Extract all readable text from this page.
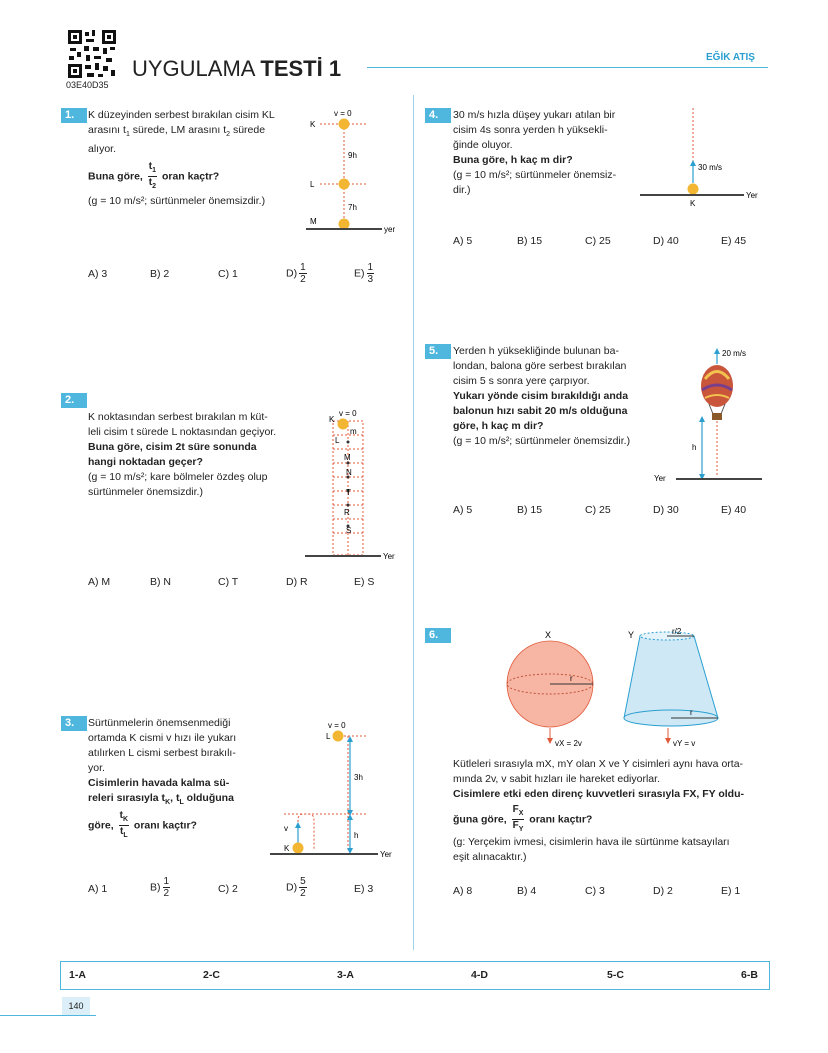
03E40D35
UYGULAMA TESTİ 1	EĞİK ATIŞ
1.	K düzeyinden serbest bırakılan cisim KL
arasını $t_1$ sürede, LM arasını $t_2$ sürede
alıyor.
Buna göre, $\frac{t_1}{t_2}$ oran kaçtr?
(g = 10 m/s²; sürtünmeler önemsizdir.)
v = 0
K
L
M
9h
7h
yer
A) 3	B) 2	C) 1	$D) \frac{1}{2}$	$E) \frac{1}{3}$
2.
K noktasından serbest bırakılan m küt-
leli cisim t sürede L noktasından geçiyor.
Buna göre, cisim 2t süre sonunda
hangi noktadan geçer?
(g = 10 m/s²; kare bölmeler özdeş olup
sürtünmeler önemsizdir.)
v = 0
K
m
L
M
N
T
R
S
Yer
A) M	B) N	C) T	D) R	E) S
3.	Sürtünmelerin önemsenmediği
ortamda K cismi v hızı ile yukarı
atılırken L cismi serbest bırakılı-
yor.
Cisimlerin havada kalma sü-
releri sırasıyla $t_K$, $t_L$ olduğuna
göre, $\frac{t_K}{t_L}$ oranı kaçtır?
v = 0
L
3h
h
v
K
Yer
A) 1	$B) \frac{1}{2}$	C) 2	$D) \frac{5}{2}$	E) 3
4.	30 m/s hızla düşey yukarı atılan bir
cisim 4s sonra yerden h yüksekli-
ğinde oluyor.
Buna göre, h kaç m dir?
(g = 10 m/s²; sürtünmeler önemsiz-
dir.)
30 m/s
K
Yer
A) 5	B) 15	C) 25	D) 40	E) 45
5.	Yerden h yüksekliğinde bulunan ba-
londan, balona göre serbest bırakılan
cisim 5 s sonra yere çarpıyor.
Yukarı yönde cisim bırakıldığı anda
balonun hızı sabit 20 m/s olduğuna
göre, h kaç m dir?
(g = 10 m/s²; sürtünmeler önemsizdir.)
20 m/s
h
Yer
A) 5	B) 15	C) 25	D) 30	E) 40
6.	X
r
vX = 2v
Y	r/2
r
vY = v
Kütleleri sırasıyla mX, mY olan X ve Y cisimleri aynı hava orta-
mında 2v, v sabit hızları ile hareket ediyorlar.
Cisimlere etki eden direnç kuvvetleri sırasıyla FX, FY oldu-
ğuna göre, $\frac{F_X}{F_Y}$ oranı kaçtır?
(g: Yerçekim ivmesi, cisimlerin hava ile sürtünme katsayıları
eşit alınacaktır.)
A) 8	B) 4	C) 3	D) 2	E) 1
1-A	2-C	3-A	4-D	5-C	6-B
140
